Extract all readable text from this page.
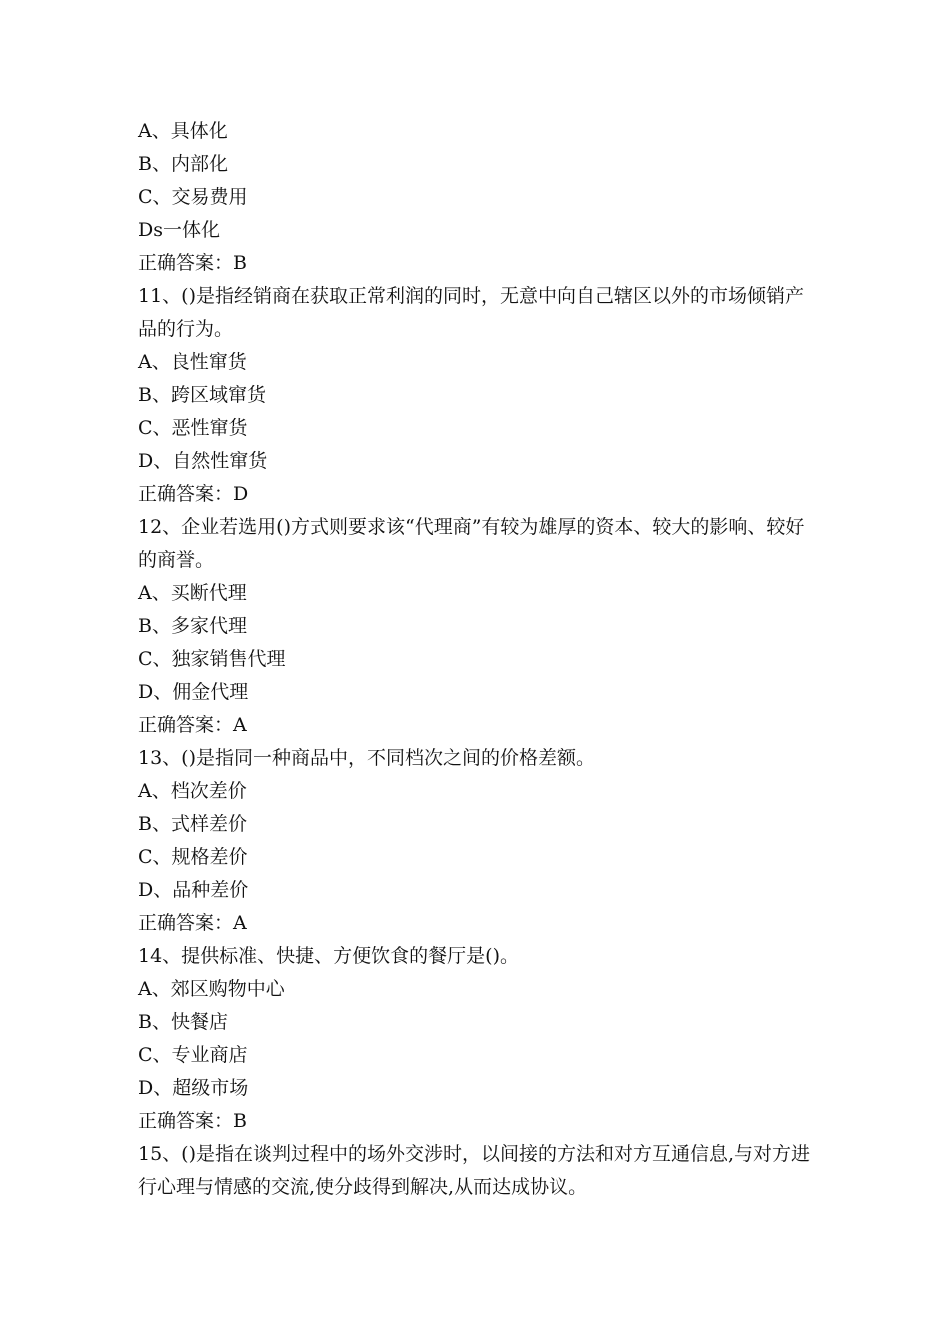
A、具体化
B、内部化
C、交易费用
Ds一体化
正确答案：B
11、()是指经销商在获取正常利润的同时，无意中向自己辖区以外的市场倾销产品的行为。
A、良性窜货
B、跨区域窜货
C、恶性窜货
D、自然性窜货
正确答案：D
12、企业若选用()方式则要求该“代理商”有较为雄厚的资本、较大的影响、较好的商誉。
A、买断代理
B、多家代理
C、独家销售代理
D、佣金代理
正确答案：A
13、()是指同一种商品中，不同档次之间的价格差额。
A、档次差价
B、式样差价
C、规格差价
D、品种差价
正确答案：A
14、提供标准、快捷、方便饮食的餐厅是()。
A、郊区购物中心
B、快餐店
C、专业商店
D、超级市场
正确答案：B
15、()是指在谈判过程中的场外交涉时，以间接的方法和对方互通信息,与对方进行心理与情感的交流,使分歧得到解决,从而达成协议。
